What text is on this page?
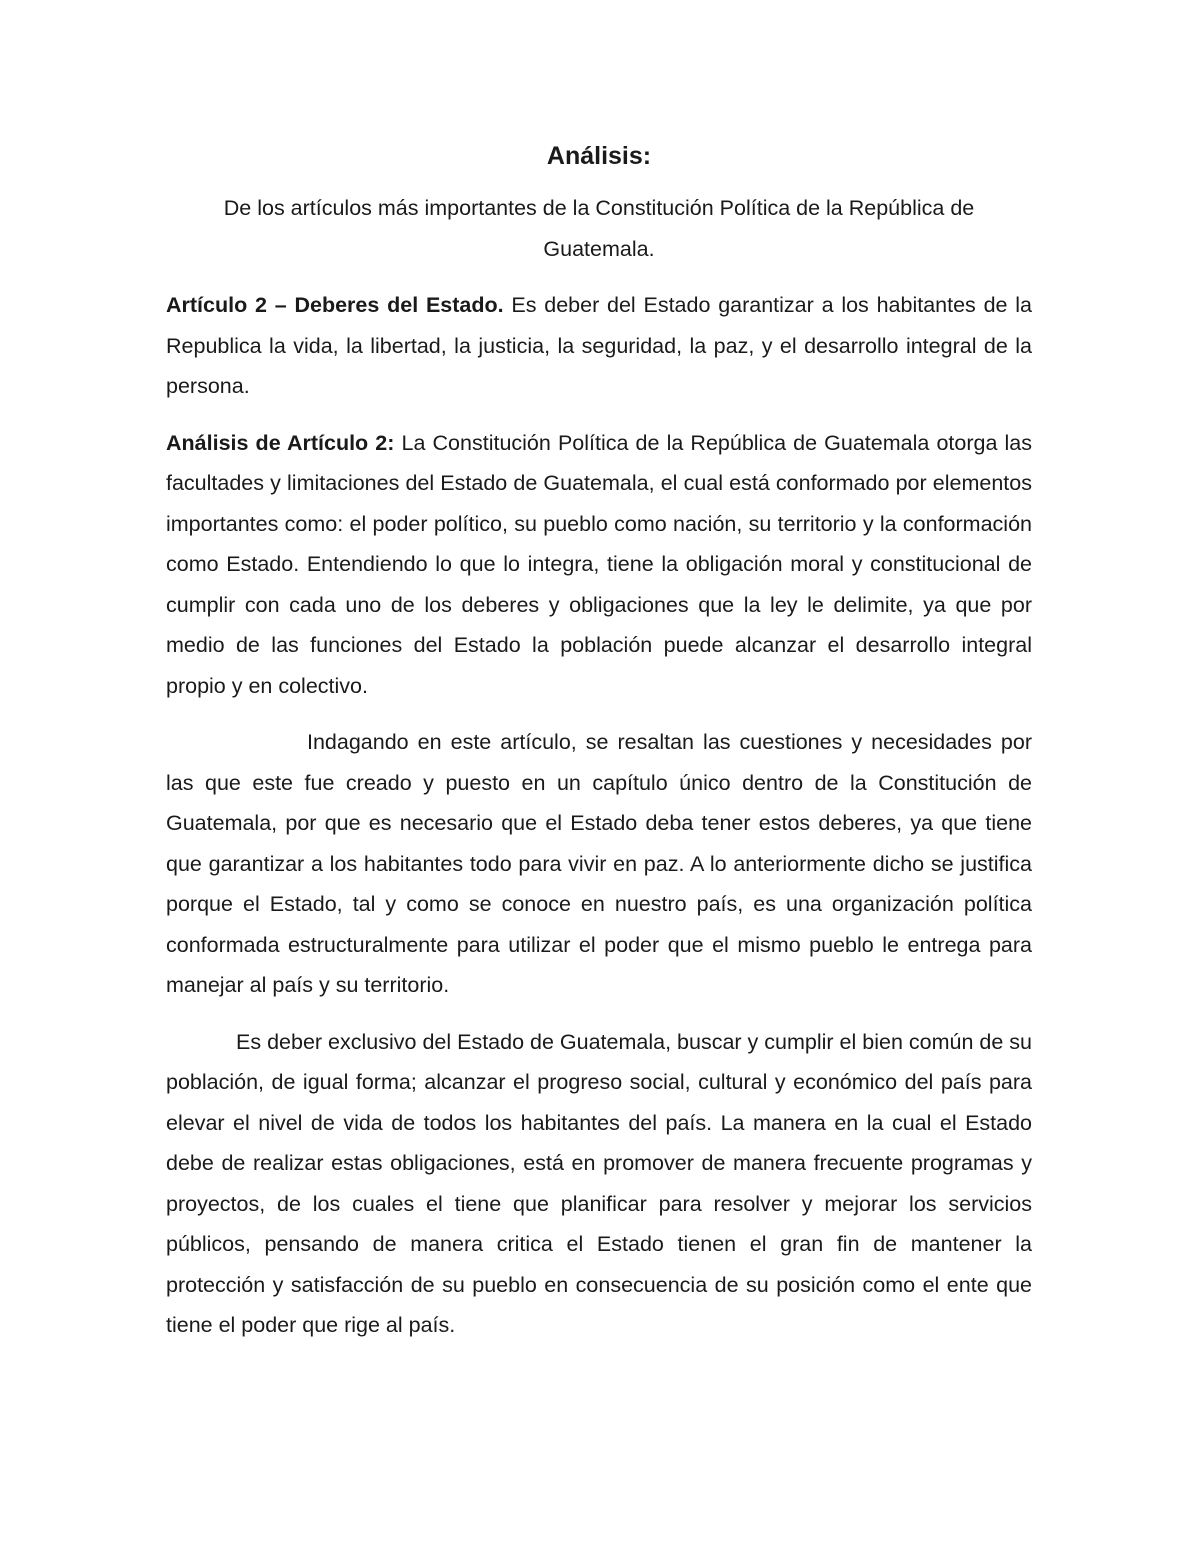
Análisis:
De los artículos más importantes de la Constitución Política de la República de Guatemala.
Artículo 2 – Deberes del Estado. Es deber del Estado garantizar a los habitantes de la Republica la vida, la libertad, la justicia, la seguridad, la paz, y el desarrollo integral de la persona.
Análisis de Artículo 2: La Constitución Política de la República de Guatemala otorga las facultades y limitaciones del Estado de Guatemala, el cual está conformado por elementos importantes como: el poder político, su pueblo como nación, su territorio y la conformación como Estado. Entendiendo lo que lo integra, tiene la obligación moral y constitucional de cumplir con cada uno de los deberes y obligaciones que la ley le delimite, ya que por medio de las funciones del Estado la población puede alcanzar el desarrollo integral propio y en colectivo.
Indagando en este artículo, se resaltan las cuestiones y necesidades por las que este fue creado y puesto en un capítulo único dentro de la Constitución de Guatemala, por que es necesario que el Estado deba tener estos deberes, ya que tiene que garantizar a los habitantes todo para vivir en paz. A lo anteriormente dicho se justifica porque el Estado, tal y como se conoce en nuestro país, es una organización política conformada estructuralmente para utilizar el poder que el mismo pueblo le entrega para manejar al país y su territorio.
Es deber exclusivo del Estado de Guatemala, buscar y cumplir el bien común de su población, de igual forma; alcanzar el progreso social, cultural y económico del país para elevar el nivel de vida de todos los habitantes del país. La manera en la cual el Estado debe de realizar estas obligaciones, está en promover de manera frecuente programas y proyectos, de los cuales el tiene que planificar para resolver y mejorar los servicios públicos, pensando de manera critica el Estado tienen el gran fin de mantener la protección y satisfacción de su pueblo en consecuencia de su posición como el ente que tiene el poder que rige al país.
